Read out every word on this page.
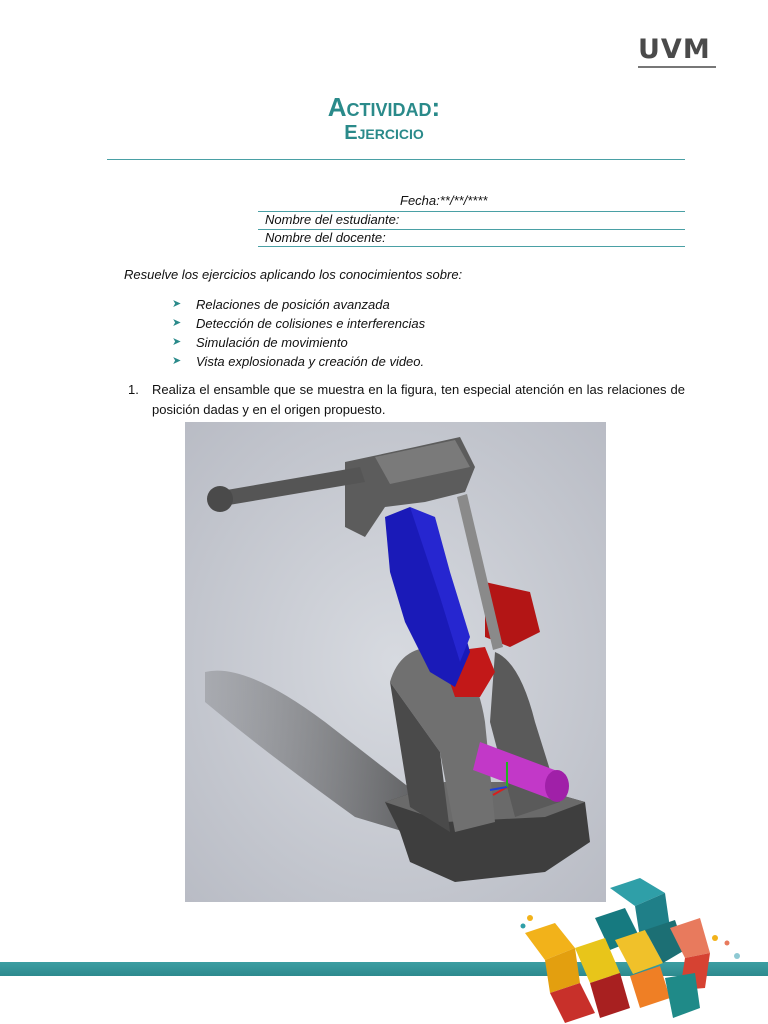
UVM
Actividad:
Ejercicio
Fecha:**/**/****
Nombre del estudiante:
Nombre del docente:
Resuelve los ejercicios aplicando los conocimientos sobre:
➤	Relaciones de posición avanzada
➤	Detección de colisiones e interferencias
➤	Simulación de movimiento
➤	Vista explosionada y creación de video.
1. Realiza el ensamble que se muestra en la figura, ten especial atención en las relaciones de posición dadas y en el origen propuesto.
